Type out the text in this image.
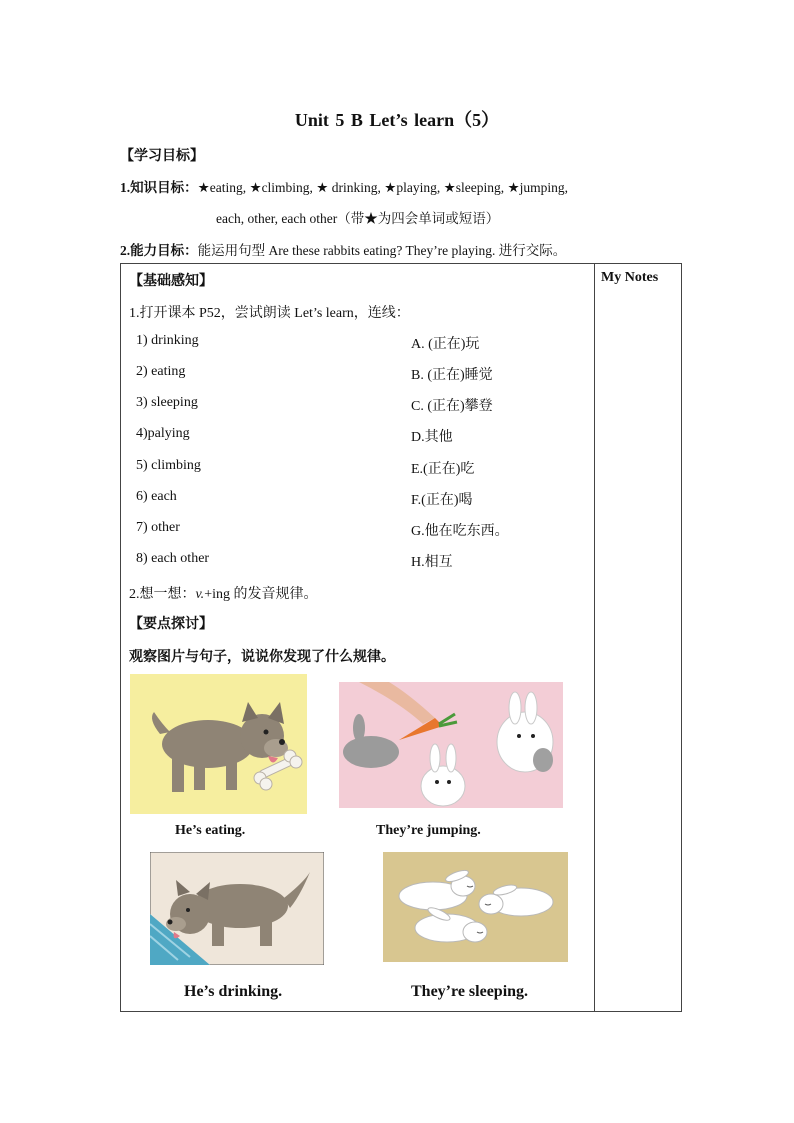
Unit 5 B Let’s learn（5）
【学习目标】
1.知识目标：★eating, ★climbing, ★ drinking, ★playing, ★sleeping, ★jumping,
each, other, each other（带★为四会单词或短语）
2.能力目标：能运用句型 Are these rabbits eating? They’re playing. 进行交际。
My Notes
【基础感知】
1.打开课本 P52，尝试朗读 Let’s learn，连线：
1) drinking
2) eating
3) sleeping
4)palying
5) climbing
6) each
7) other
8) each other
A. (正在)玩
B. (正在)睡觉
C. (正在)攀登
D.其他
E.(正在)吃
F.(正在)喝
G.他在吃东西。
H.相互
2.想一想：v.+ing 的发音规律。
【要点探讨】
观察图片与句子，说说你发现了什么规律。
He’s eating.	They’re jumping.
He’s drinking.	They’re sleeping.
